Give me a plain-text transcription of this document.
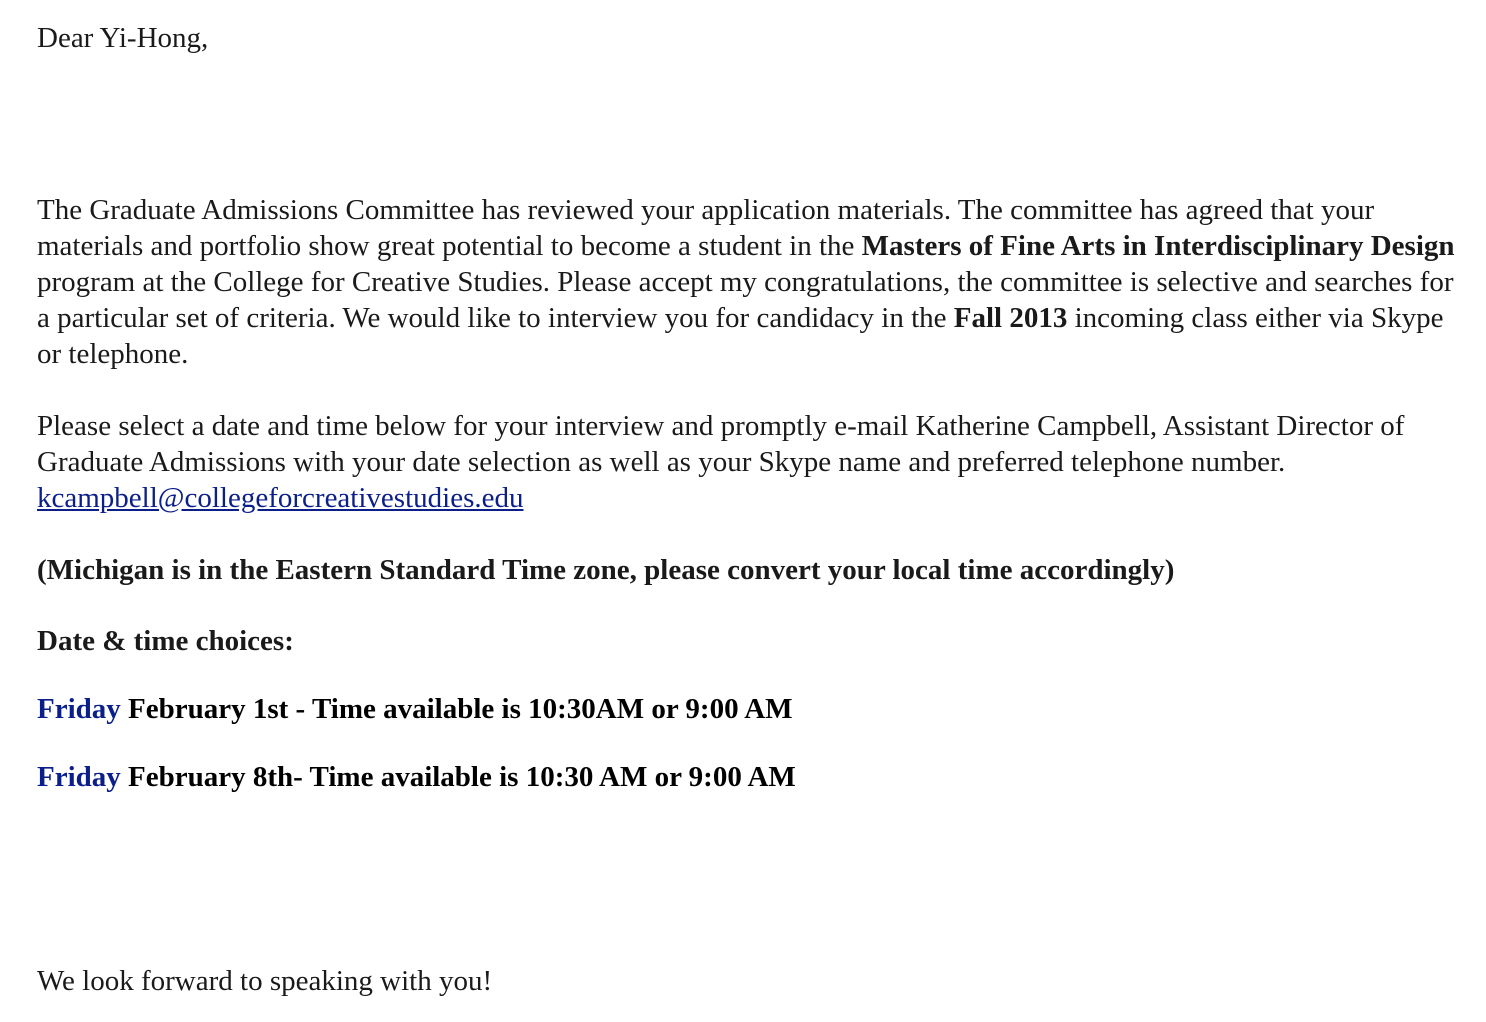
Dear Yi-Hong,

The Graduate Admissions Committee has reviewed your application materials. The committee has agreed that your materials and portfolio show great potential to become a student in the Masters of Fine Arts in Interdisciplinary Design program at the College for Creative Studies. Please accept my congratulations, the committee is selective and searches for a particular set of criteria. We would like to interview you for candidacy in the Fall 2013 incoming class either via Skype or telephone.

Please select a date and time below for your interview and promptly e-mail Katherine Campbell, Assistant Director of Graduate Admissions with your date selection as well as your Skype name and preferred telephone number. kcampbell@collegeforcreativestudies.edu

(Michigan is in the Eastern Standard Time zone, please convert your local time accordingly)

Date & time choices:

Friday February 1st - Time available is 10:30AM or 9:00 AM

Friday February 8th- Time available is 10:30 AM or 9:00 AM

We look forward to speaking with you!
